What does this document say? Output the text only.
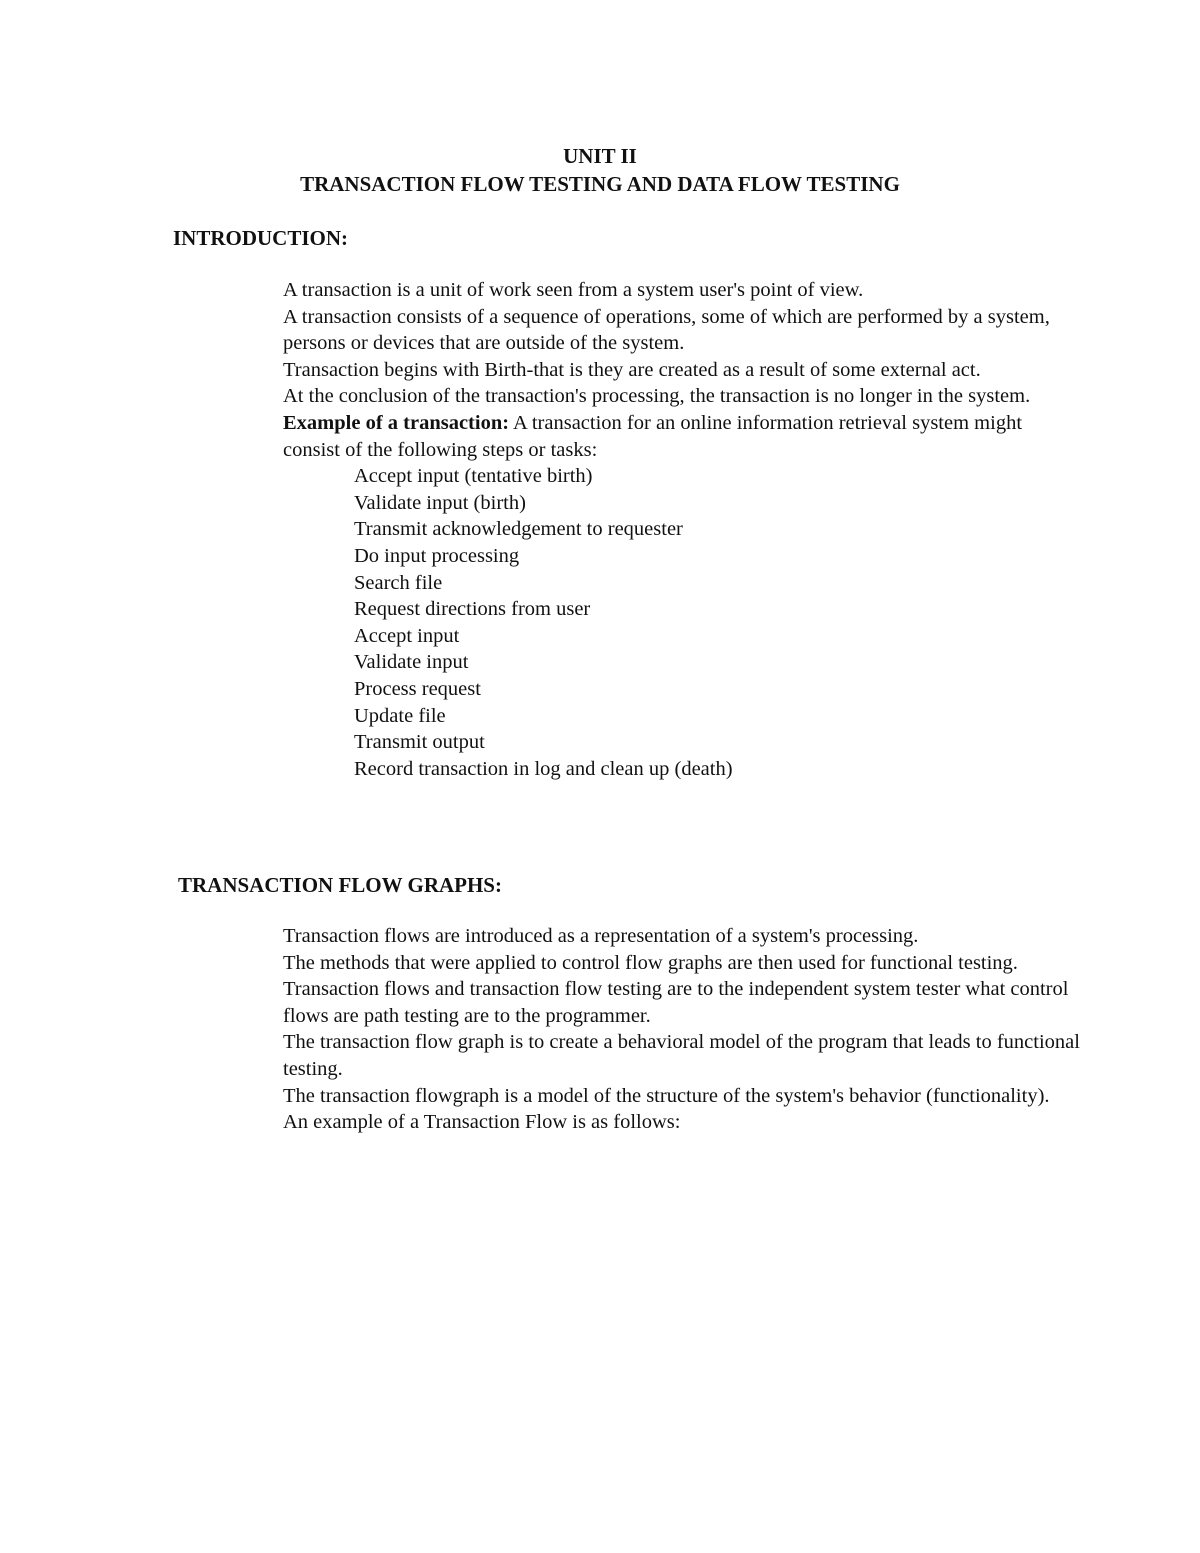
UNIT II
TRANSACTION FLOW TESTING AND DATA FLOW TESTING
INTRODUCTION:

A transaction is a unit of work seen from a system user's point of view.

A transaction consists of a sequence of operations, some of which are performed by a system, persons or devices that are outside of the system.

Transaction begins with Birth-that is they are created as a result of some external act.

At the conclusion of the transaction's processing, the transaction is no longer in the system.

Example of a transaction: A transaction for an online information retrieval system might consist of the following steps or tasks:

Accept input (tentative birth)
Validate input (birth)
Transmit acknowledgement to requester
Do input processing
Search file
Request directions from user
Accept input
Validate input
Process request
Update file
Transmit output
Record transaction in log and clean up (death)
TRANSACTION FLOW GRAPHS:

Transaction flows are introduced as a representation of a system's processing.

The methods that were applied to control flow graphs are then used for functional testing.

Transaction flows and transaction flow testing are to the independent system tester what control flows are path testing are to the programmer.

The transaction flow graph is to create a behavioral model of the program that leads to functional testing.

The transaction flowgraph is a model of the structure of the system's behavior (functionality).

An example of a Transaction Flow is as follows:
